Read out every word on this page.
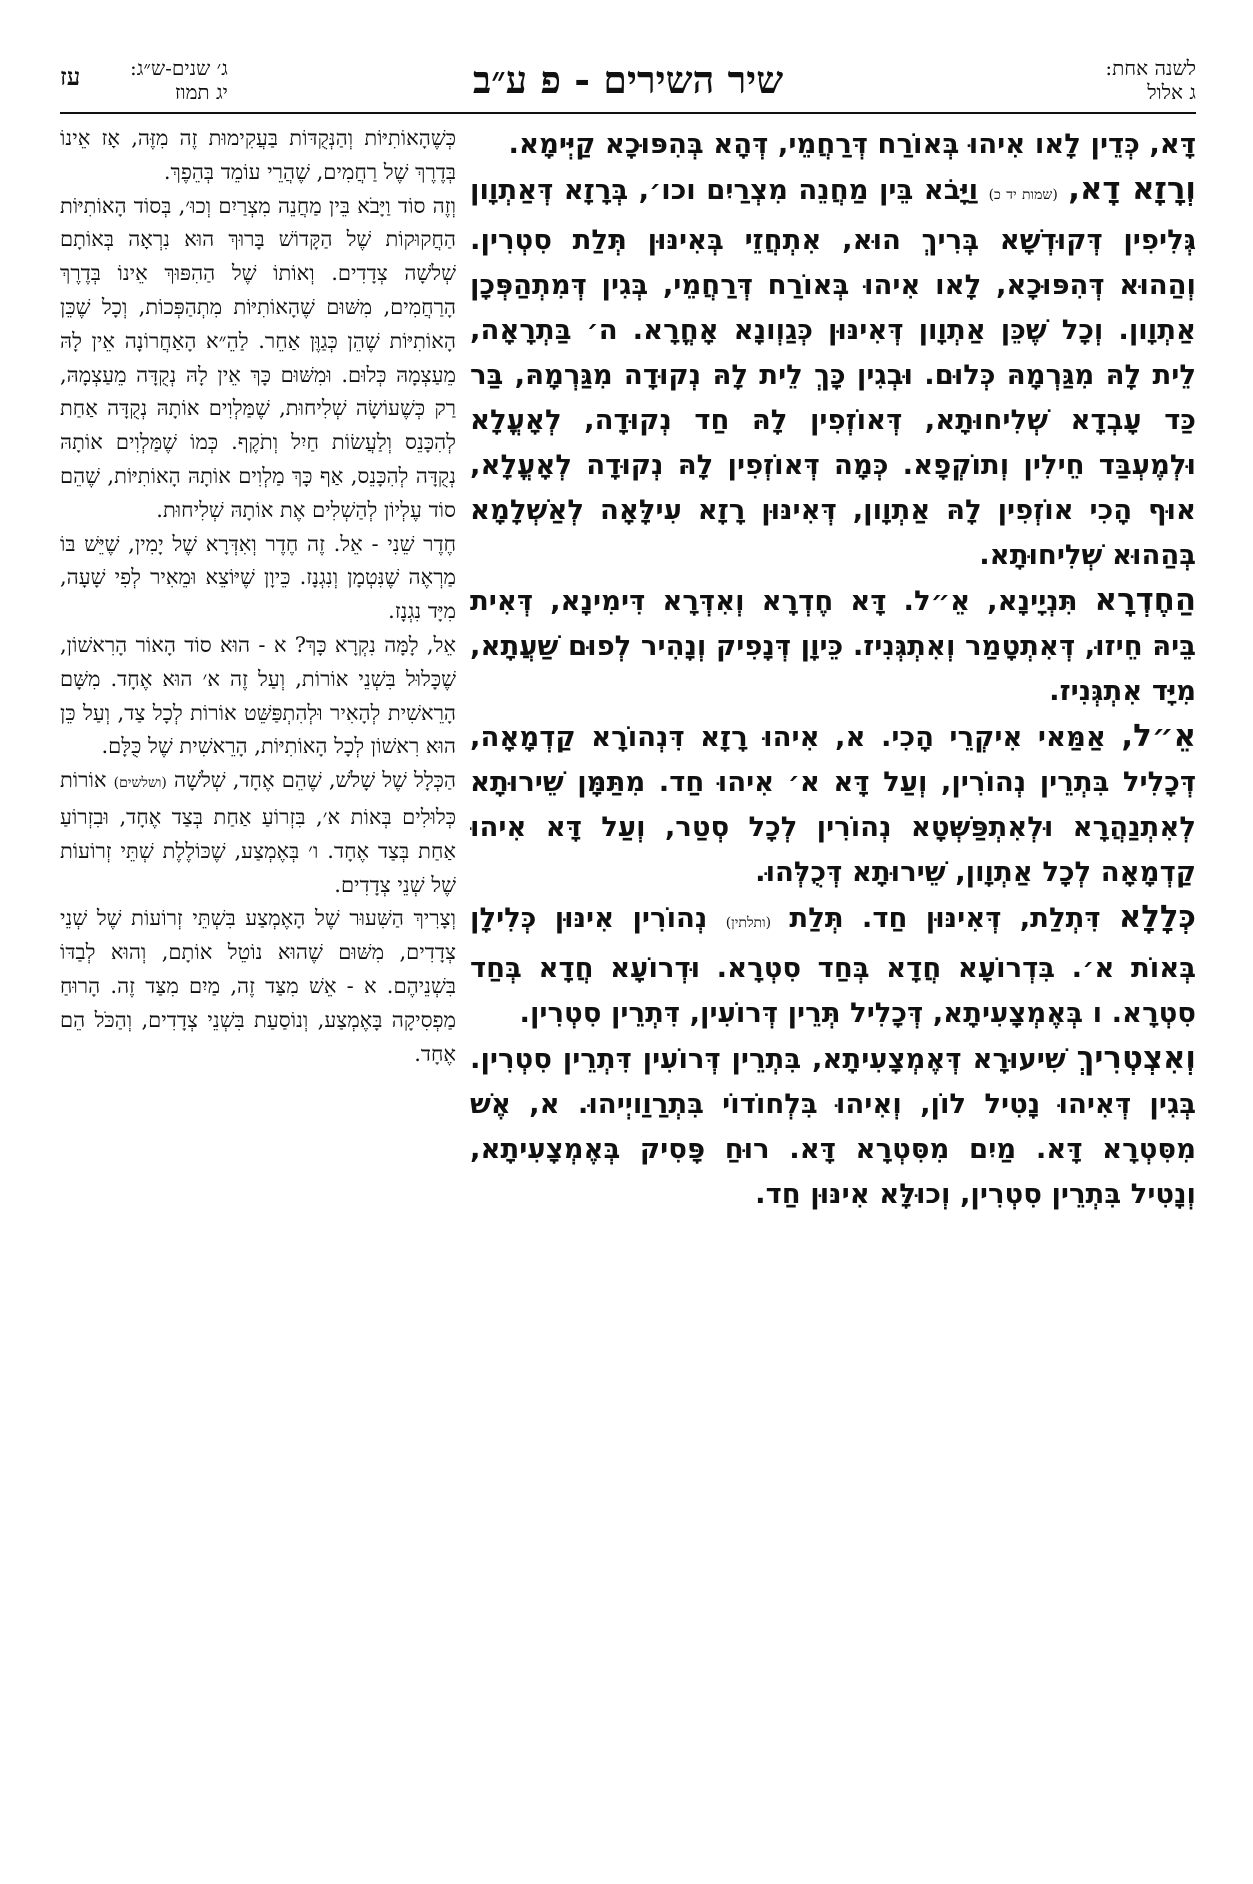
לשנה אחת:
ג אלול
שיר השירים - פ ע״ב
ג׳ שנים-ש״ג:
יג תמוז
עז

דָּא, כְּדֵין לָאו אִיהוּ בְּאוֹרַח דְּרַחֲמֵי, דְּהָא בְּהִפּוּכָא קַיְּימָא.

וְרָזָא דָא, (שמות יד כ) וַיָּבֹא בֵּין מַחֲנֵה מִצְרַיִם וכו׳, בְּרָזָא דְּאַתְוָון גְּלִיפִין דְּקוּדְשָׁא בְּרִיךְ הוּא, אִתְחֲזֵי בְּאִינּוּן תְּלַת סִטְרִין. וְהַהוּא דְּהִפּוּכָא, לָאו אִיהוּ בְּאוֹרַח דְּרַחֲמֵי, בְּגִין דְּמִתְהַפְּכָן אַתְוָון. וְכָל שֶׁכֵּן אַתְוָון דְּאִינּוּן כְּגַוְונָא אָחֳרָא. ה׳ בַּתְרָאָה, לֵית לָהּ מִגַּרְמָהּ כְּלוּם. וּבְגִין כָּךְ לֵית לָהּ נְקוּדָה מִגַּרְמָהּ, בַּר כַּד עָבְדָא שְׁלִיחוּתָא, דְּאוֹזְפִין לָהּ חַד נְקוּדָה, לְאָעֳלָא וּלְמֶעְבַּד חֵילִין וְתוֹקְפָא. כְּמָה דְּאוֹזְפִין לָהּ נְקוּדָה לְאָעֳלָא, אוּף הָכִי אוֹזְפִין לָהּ אַתְוָון, דְּאִינּוּן רָזָא עִילָּאָה לְאַשְׁלָמָא בְּהַהוּא שְׁלִיחוּתָא.

הַחֶדְרָא תִּנְיָינָא, אֵ״ל. דָּא חֶדְרָא וְאִדְּרָא דִּימִינָא, דְּאִית בֵּיהּ חֵיזוּ, דְּאִתְטָמַר וְאִתְגְּנִיז. כֵּיוָן דְּנָפִיק וְנָהִיר לְפוּם שַׁעֲתָא, מִיָּד אִתְגְּנִיז.

אֵ״ל, אַמַּאי אִיקְרֵי הָכִי. א, אִיהוּ רָזָא דִּנְהוֹרָא קַדְמָאָה, דְּכָלִיל בִּתְרֵין נְהוֹרִין, וְעַל דָּא א׳ אִיהוּ חַד. מִתַּמָּן שֵׁירוּתָא לְאִתְנַהֲרָא וּלְאִתְפַּשְּׁטָא נְהוֹרִין לְכָל סְטַר, וְעַל דָּא אִיהוּ קַדְמָאָה לְכָל אַתְוָון, שֵׁירוּתָא דְּכֻלְּהוּ.

כְּלָלָא דִּתְלַת, דְּאִינּוּן חַד. תְּלַת (ותלתין) נְהוֹרִין אִינּוּן כְּלִילָן בְּאוֹת א׳. בִּדְרוֹעָא חֲדָא בְּחַד סִטְרָא. וּדְרוֹעָא חֲדָא בְּחַד סִטְרָא. ו בְּאֶמְצָעִיתָא, דְּכָלִיל תְּרֵין דְּרוֹעִין, דִּתְרֵין סִטְרִין.

וְאִצְטְרִיךְ שִׁיעוּרָא דְּאֶמְצָעִיתָא, בִּתְרֵין דְּרוֹעִין דִּתְרֵין סִטְרִין. בְּגִין דְּאִיהוּ נָטִיל לוֹן, וְאִיהוּ בִּלְחוֹדוֹי בִּתְרַוַויְיהוּ. א, אֶשׁ מִסִּטְרָא דָּא. מַיִם מִסִּטְרָא דָּא. רוּחַ פָּסִיק בְּאֶמְצָעִיתָא, וְנָטִיל בִּתְרֵין סִטְרִין, וְכוּלָּא אִינּוּן חַד.

כְּשֶׁהָאוֹתִיּוֹת וְהַנְּקֻדּוֹת בַּעֲקִימוּת זֶה מִזֶּה, אָז אֵינוֹ בְּדֶרֶךְ שֶׁל רַחֲמִים, שֶׁהֲרֵי עוֹמֵד בְּהֵפֶךְ.

וְזֶה סוֹד וַיָּבֹא בֵּין מַחֲנֵה מִצְרַיִם וְכוּ׳, בְּסוֹד הָאוֹתִיּוֹת הַחֲקוּקוֹת שֶׁל הַקָּדוֹשׁ בָּרוּךְ הוּא נִרְאָה בְּאוֹתָם שְׁלֹשָׁה צְדָדִים. וְאוֹתוֹ שֶׁל הַהִפּוּךְ אֵינוֹ בְּדֶרֶךְ הָרַחֲמִים, מִשּׁוּם שֶׁהָאוֹתִיּוֹת מִתְהַפְּכוֹת, וְכָל שֶׁכֵּן הָאוֹתִיּוֹת שֶׁהֵן כְּגַוֶּן אַחֵר. לַהֵ״א הָאַחֲרוֹנָה אֵין לָהּ מֵעַצְמָהּ כְּלוּם. וּמִשּׁוּם כָּךְ אֵין לָהּ נְקֻדָּה מֵעַצְמָהּ, רַק כְּשֶׁעוֹשָׂה שְׁלִיחוּת, שֶׁמַּלְוִים אוֹתָהּ נְקֻדָּה אַחַת לְהִכָּנֵס וְלַעֲשׂוֹת חַיִל וְתֹקֶף. כְּמוֹ שֶׁמַּלְוִים אוֹתָהּ נְקֻדָּה לְהִכָּנֵס, אַף כָּךְ מַלְוִים אוֹתָהּ הָאוֹתִיּוֹת, שֶׁהֵם סוֹד עֶלְיוֹן לְהַשְׁלִים אֶת אוֹתָהּ שְׁלִיחוּת.

חֶדֶר שֵׁנִי - אֵל. זֶה חֶדֶר וְאִדְּרָא שֶׁל יָמִין, שֶׁיֵּשׁ בּוֹ מַרְאֶה שֶׁנִּטְמָן וְנִגְנָז. כֵּיוָן שֶׁיּוֹצֵא וּמֵאִיר לְפִי שָׁעָה, מִיָּד נִגְנָז.

אֵל, לָמָּה נִקְרָא כָּךְ? א - הוּא סוֹד הָאוֹר הָרִאשׁוֹן, שֶׁכָּלוּל בִּשְׁנֵי אוֹרוֹת, וְעַל זֶה א׳ הוּא אֶחָד. מִשָּׁם הָרֵאשִׁית לְהָאִיר וּלְהִתְפַּשֵּׁט אוֹרוֹת לְכָל צַד, וְעַל כֵּן הוּא רִאשׁוֹן לְכָל הָאוֹתִיּוֹת, הָרֵאשִׁית שֶׁל כֻּלָּם.

הַכְּלָל שֶׁל שָׁלֹשׁ, שֶׁהֵם אֶחָד, שְׁלֹשָׁה (ושלשים) אוֹרוֹת כְּלוּלִים בְּאוֹת א׳, בִּזְרוֹעַ אַחַת בְּצַד אֶחָד, וּבִזְרוֹעַ אַחַת בְּצַד אֶחָד. ו׳ בְּאֶמְצַע, שֶׁכּוֹלֶלֶת שְׁתֵּי זְרוֹעוֹת שֶׁל שְׁנֵי צְדָדִים.

וְצָרִיךְ הַשִּׁעוּר שֶׁל הָאֶמְצַע בִּשְׁתֵּי זְרוֹעוֹת שֶׁל שְׁנֵי צְדָדִים, מִשּׁוּם שֶׁהוּא נוֹטֵל אוֹתָם, וְהוּא לְבַדּוֹ בִּשְׁנֵיהֶם. א - אֵשׁ מִצַּד זֶה, מַיִם מִצַּד זֶה. הָרוּחַ מַפְסִיקָה בָּאֶמְצַע, וְנוֹסַעַת בִּשְׁנֵי צְדָדִים, וְהַכֹּל הֵם אֶחָד.
